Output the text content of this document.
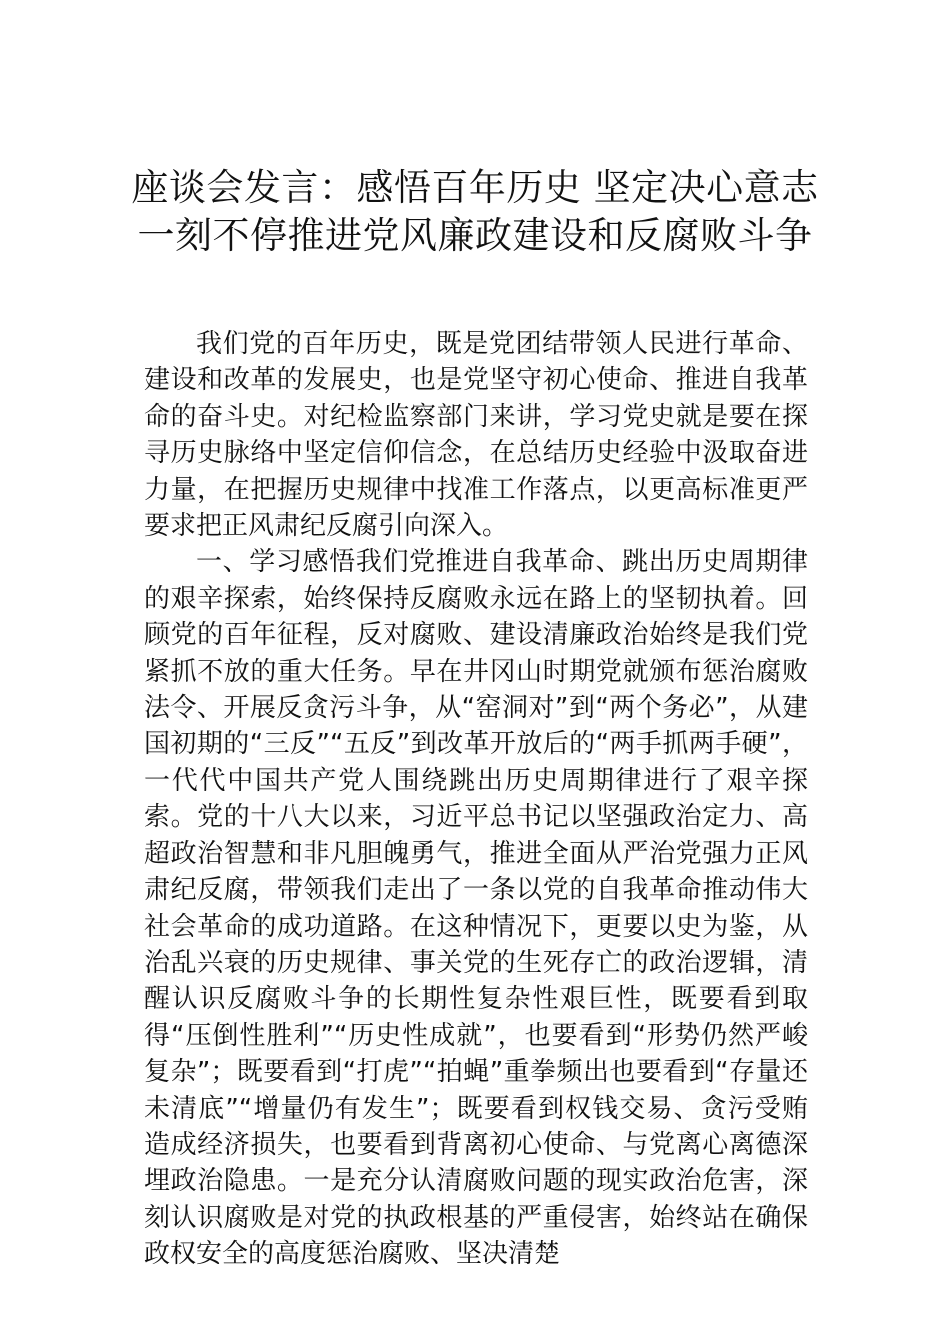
座谈会发言：感悟百年历史 坚定决心意志
一刻不停推进党风廉政建设和反腐败斗争

我们党的百年历史，既是党团结带领人民进行革命、建设和改革的发展史，也是党坚守初心使命、推进自我革命的奋斗史。对纪检监察部门来讲，学习党史就是要在探寻历史脉络中坚定信仰信念，在总结历史经验中汲取奋进力量，在把握历史规律中找准工作落点，以更高标准更严要求把正风肃纪反腐引向深入。

一、学习感悟我们党推进自我革命、跳出历史周期律的艰辛探索，始终保持反腐败永远在路上的坚韧执着。回顾党的百年征程，反对腐败、建设清廉政治始终是我们党紧抓不放的重大任务。早在井冈山时期党就颁布惩治腐败法令、开展反贪污斗争，从“窑洞对”到“两个务必”，从建国初期的“三反”“五反”到改革开放后的“两手抓两手硬”，一代代中国共产党人围绕跳出历史周期律进行了艰辛探索。党的十八大以来，习近平总书记以坚强政治定力、高超政治智慧和非凡胆魄勇气，推进全面从严治党强力正风肃纪反腐，带领我们走出了一条以党的自我革命推动伟大社会革命的成功道路。在这种情况下，更要以史为鉴，从治乱兴衰的历史规律、事关党的生死存亡的政治逻辑，清醒认识反腐败斗争的长期性复杂性艰巨性，既要看到取得“压倒性胜利”“历史性成就”，也要看到“形势仍然严峻复杂”；既要看到“打虎”“拍蝇”重拳频出也要看到“存量还未清底”“增量仍有发生”；既要看到权钱交易、贪污受贿造成经济损失，也要看到背离初心使命、与党离心离德深埋政治隐患。一是充分认清腐败问题的现实政治危害，深刻认识腐败是对党的执政根基的严重侵害，始终站在确保政权安全的高度惩治腐败、坚决清楚
